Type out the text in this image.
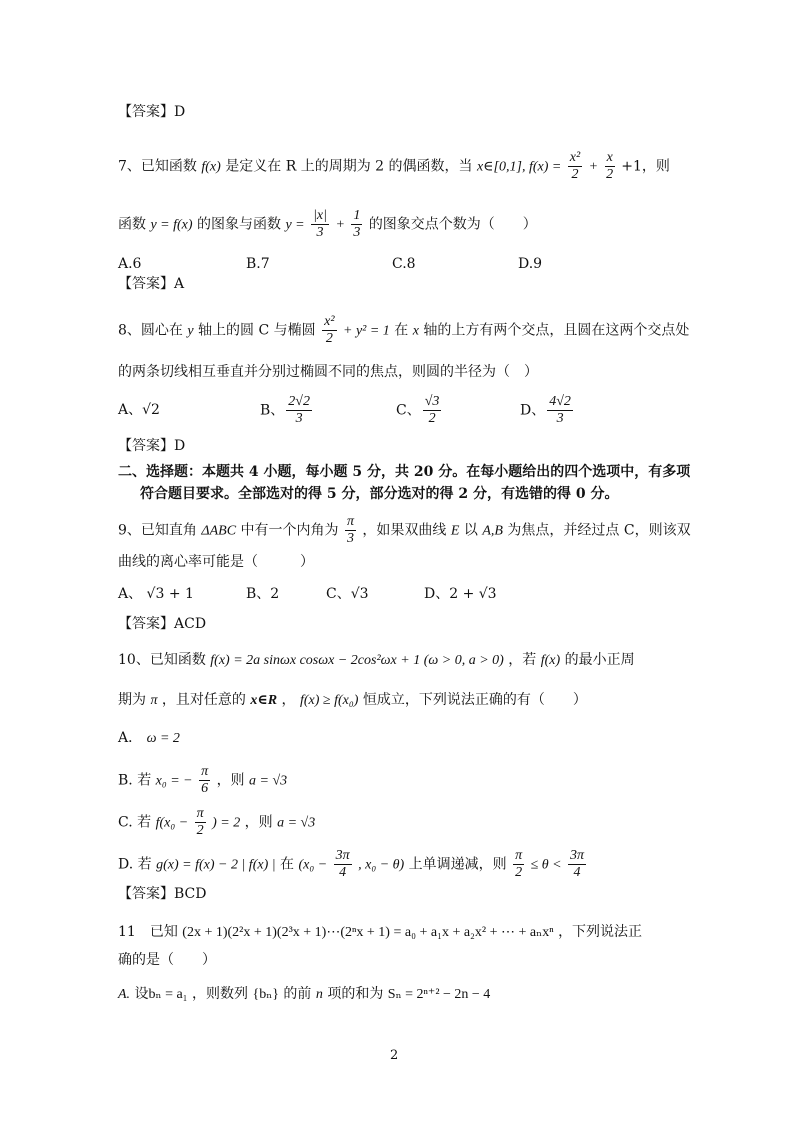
【答案】D
7、已知函数 f(x) 是定义在 R 上的周期为 2 的偶函数，当 x∈[0,1], $f(x) = \frac{\text{x²}}{2} + \frac{x}{2} +1$，则
函数 y = f(x) 的图象与函数 $y = \frac{|x|}{3} + \frac{1}{3}$ 的图象交点个数为（　　）
A.6	B.7	C.8	D.9
【答案】A
8、圆心在 y 轴上的圆 C 与椭圆 $\frac{\text{x²}}{2} + y^2 = 1$ 在 x 轴的上方有两个交点，且圆在这两个交点处
的两条切线相互垂直并分别过椭圆不同的焦点，则圆的半径为（　）
A、√2	B、 $\frac{2√2}{3}$	C、 $\frac{√3}{2}$	D、 $\frac{4√2}{3}$
【答案】D
二、选择题：本题共 4 小题，每小题 5 分，共 20 分。在每小题给出的四个选项中，有多项
符合题目要求。全部选对的得 5 分，部分选对的得 2 分，有选错的得 0 分。
9、已知直角 ΔABC 中有一个内角为 $\frac{\pi}{3}$ ，如果双曲线 E 以 A,B 为焦点，并经过点 C，则该双
曲线的离心率可能是（　　　）
A、 √3 + 1	B、2	C、√3	D、2 + √3
【答案】ACD
10、已知函数 f(x) = 2a sinωx cosωx − 2cos²ωx + 1 (ω > 0, a > 0) ，若 f(x) 的最小正周
期为 π ，且对任意的 x∈R ， f(x) ≥ f(x₀) 恒成立，下列说法正确的有（　　）
A． ω = 2
B. 若 x₀ = − $\frac{\pi}{6}$ ，则 a = √3
C. 若 $f(x_0 - \frac{\pi}{2}$ ) = 2 ，则 a = √3
D. 若 g(x) = f(x) − 2 | f(x) | 在 ($x_0 - \frac{3\pi}{4}$ , x₀ − θ) 上单调递减，则 $\frac{\pi}{2} \le \theta < \frac{3\pi}{4}$
【答案】BCD
11　已知 (2x + 1)(2²x + 1)(2³x + 1)⋯(2ⁿx + 1) = a₀ + a₁x + a₂x² + ⋯ + aₙxⁿ ，下列说法正
确的是（　　）
A. 设bₙ = a₁ ，则数列 {bₙ} 的前 n 项的和为 Sₙ = 2ⁿ⁺² − 2n − 4
2
